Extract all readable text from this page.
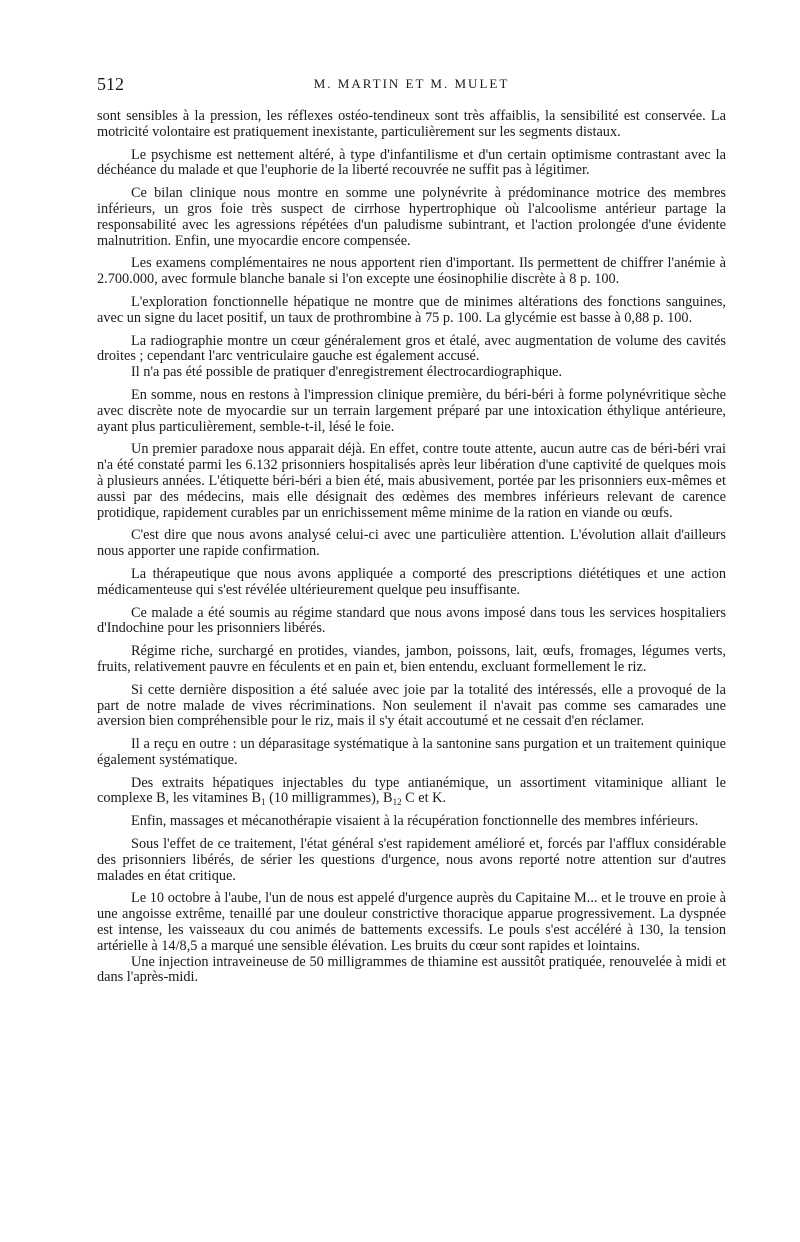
512	M. MARTIN ET M. MULET

sont sensibles à la pression, les réflexes ostéo-tendineux sont très affaiblis, la sensibilité est conservée. La motricité volontaire est pratiquement inexistante, particulièrement sur les segments distaux.

Le psychisme est nettement altéré, à type d'infantilisme et d'un certain optimisme contrastant avec la déchéance du malade et que l'euphorie de la liberté recouvrée ne suffit pas à légitimer.

Ce bilan clinique nous montre en somme une polynévrite à prédominance motrice des membres inférieurs, un gros foie très suspect de cirrhose hypertrophique où l'alcoolisme antérieur partage la responsabilité avec les agressions répétées d'un paludisme subintrant, et l'action prolongée d'une évidente malnutrition. Enfin, une myocardie encore compensée.

Les examens complémentaires ne nous apportent rien d'important. Ils permettent de chiffrer l'anémie à 2.700.000, avec formule blanche banale si l'on excepte une éosinophilie discrète à 8 p. 100.

L'exploration fonctionnelle hépatique ne montre que de minimes altérations des fonctions sanguines, avec un signe du lacet positif, un taux de prothrombine à 75 p. 100. La glycémie est basse à 0,88 p. 100.

La radiographie montre un cœur généralement gros et étalé, avec augmentation de volume des cavités droites ; cependant l'arc ventriculaire gauche est également accusé.

Il n'a pas été possible de pratiquer d'enregistrement électrocardiographique.

En somme, nous en restons à l'impression clinique première, du béri-béri à forme polynévritique sèche avec discrète note de myocardie sur un terrain largement préparé par une intoxication éthylique antérieure, ayant plus particulièrement, semble-t-il, lésé le foie.

Un premier paradoxe nous apparait déjà. En effet, contre toute attente, aucun autre cas de béri-béri vrai n'a été constaté parmi les 6.132 prisonniers hospitalisés après leur libération d'une captivité de quelques mois à plusieurs années. L'étiquette béri-béri a bien été, mais abusivement, portée par les prisonniers eux-mêmes et aussi par des médecins, mais elle désignait des œdèmes des membres inférieurs relevant de carence protidique, rapidement curables par un enrichissement même minime de la ration en viande ou œufs.

C'est dire que nous avons analysé celui-ci avec une particulière attention. L'évolution allait d'ailleurs nous apporter une rapide confirmation.

La thérapeutique que nous avons appliquée a comporté des prescriptions diététiques et une action médicamenteuse qui s'est révélée ultérieurement quelque peu insuffisante.

Ce malade a été soumis au régime standard que nous avons imposé dans tous les services hospitaliers d'Indochine pour les prisonniers libérés.

Régime riche, surchargé en protides, viandes, jambon, poissons, lait, œufs, fromages, légumes verts, fruits, relativement pauvre en féculents et en pain et, bien entendu, excluant formellement le riz.

Si cette dernière disposition a été saluée avec joie par la totalité des intéressés, elle a provoqué de la part de notre malade de vives récriminations. Non seulement il n'avait pas comme ses camarades une aversion bien compréhensible pour le riz, mais il s'y était accoutumé et ne cessait d'en réclamer.

Il a reçu en outre : un déparasitage systématique à la santonine sans purgation et un traitement quinique également systématique.

Des extraits hépatiques injectables du type antianémique, un assortiment vitaminique alliant le complexe B, les vitamines $B_1$ (10 milligrammes), $B_{12}$ C et K.

Enfin, massages et mécanothérapie visaient à la récupération fonctionnelle des membres inférieurs.

Sous l'effet de ce traitement, l'état général s'est rapidement amélioré et, forcés par l'afflux considérable des prisonniers libérés, de sérier les questions d'urgence, nous avons reporté notre attention sur d'autres malades en état critique.

Le 10 octobre à l'aube, l'un de nous est appelé d'urgence auprès du Capitaine M... et le trouve en proie à une angoisse extrême, tenaillé par une douleur constrictive thoracique apparue progressivement. La dyspnée est intense, les vaisseaux du cou animés de battements excessifs. Le pouls s'est accéléré à 130, la tension artérielle à 14/8,5 a marqué une sensible élévation. Les bruits du cœur sont rapides et lointains.

Une injection intraveineuse de 50 milligrammes de thiamine est aussitôt pratiquée, renouvelée à midi et dans l'après-midi.
